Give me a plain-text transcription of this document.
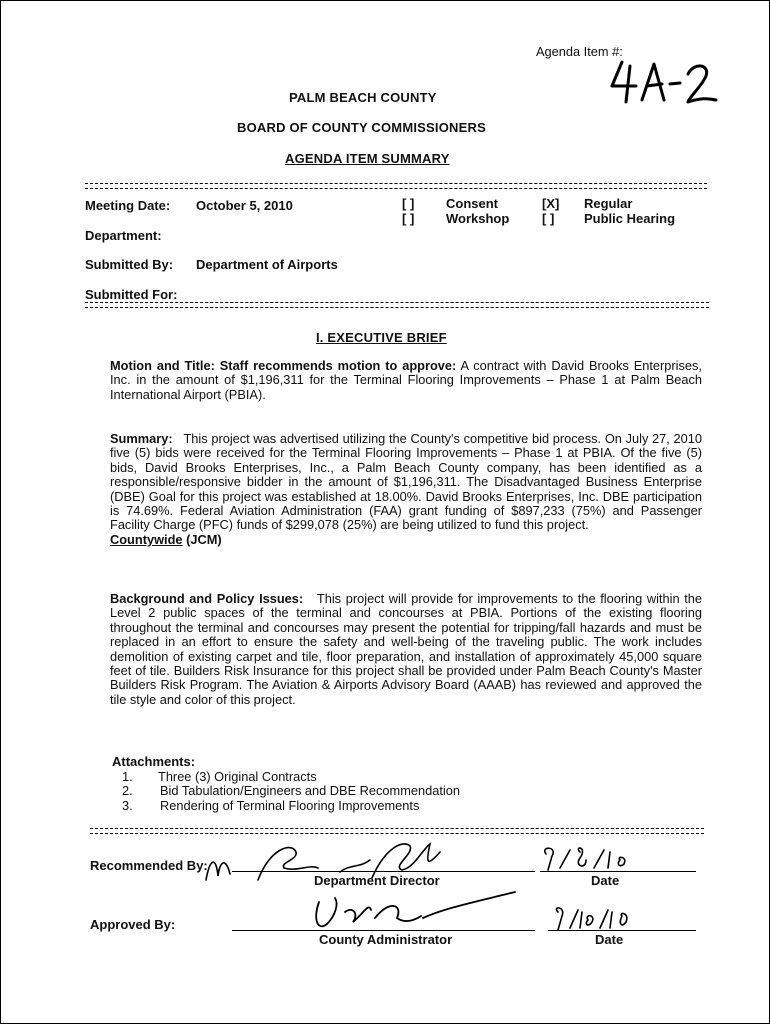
Agenda Item #:
PALM BEACH COUNTY
BOARD OF COUNTY COMMISSIONERS
AGENDA ITEM SUMMARY
Meeting Date: October 5, 2010	[ ] Consent	[X] Regular
[ ] Workshop	[ ] Public Hearing
Department:
Submitted By: Department of Airports
Submitted For:
I. EXECUTIVE BRIEF
Motion and Title: Staff recommends motion to approve: A contract with David Brooks Enterprises, Inc. in the amount of $1,196,311 for the Terminal Flooring Improvements – Phase 1 at Palm Beach International Airport (PBIA).
Summary: This project was advertised utilizing the County's competitive bid process. On July 27, 2010 five (5) bids were received for the Terminal Flooring Improvements – Phase 1 at PBIA. Of the five (5) bids, David Brooks Enterprises, Inc., a Palm Beach County company, has been identified as a responsible/responsive bidder in the amount of $1,196,311. The Disadvantaged Business Enterprise (DBE) Goal for this project was established at 18.00%. David Brooks Enterprises, Inc. DBE participation is 74.69%. Federal Aviation Administration (FAA) grant funding of $897,233 (75%) and Passenger Facility Charge (PFC) funds of $299,078 (25%) are being utilized to fund this project.
Countywide (JCM)
Background and Policy Issues: This project will provide for improvements to the flooring within the Level 2 public spaces of the terminal and concourses at PBIA. Portions of the existing flooring throughout the terminal and concourses may present the potential for tripping/fall hazards and must be replaced in an effort to ensure the safety and well-being of the traveling public. The work includes demolition of existing carpet and tile, floor preparation, and installation of approximately 45,000 square feet of tile. Builders Risk Insurance for this project shall be provided under Palm Beach County's Master Builders Risk Program. The Aviation & Airports Advisory Board (AAAB) has reviewed and approved the tile style and color of this project.
Attachments:
1. Three (3) Original Contracts
2. Bid Tabulation/Engineers and DBE Recommendation
3. Rendering of Terminal Flooring Improvements
Recommended By:
Department Director	Date
Approved By:
County Administrator	Date
